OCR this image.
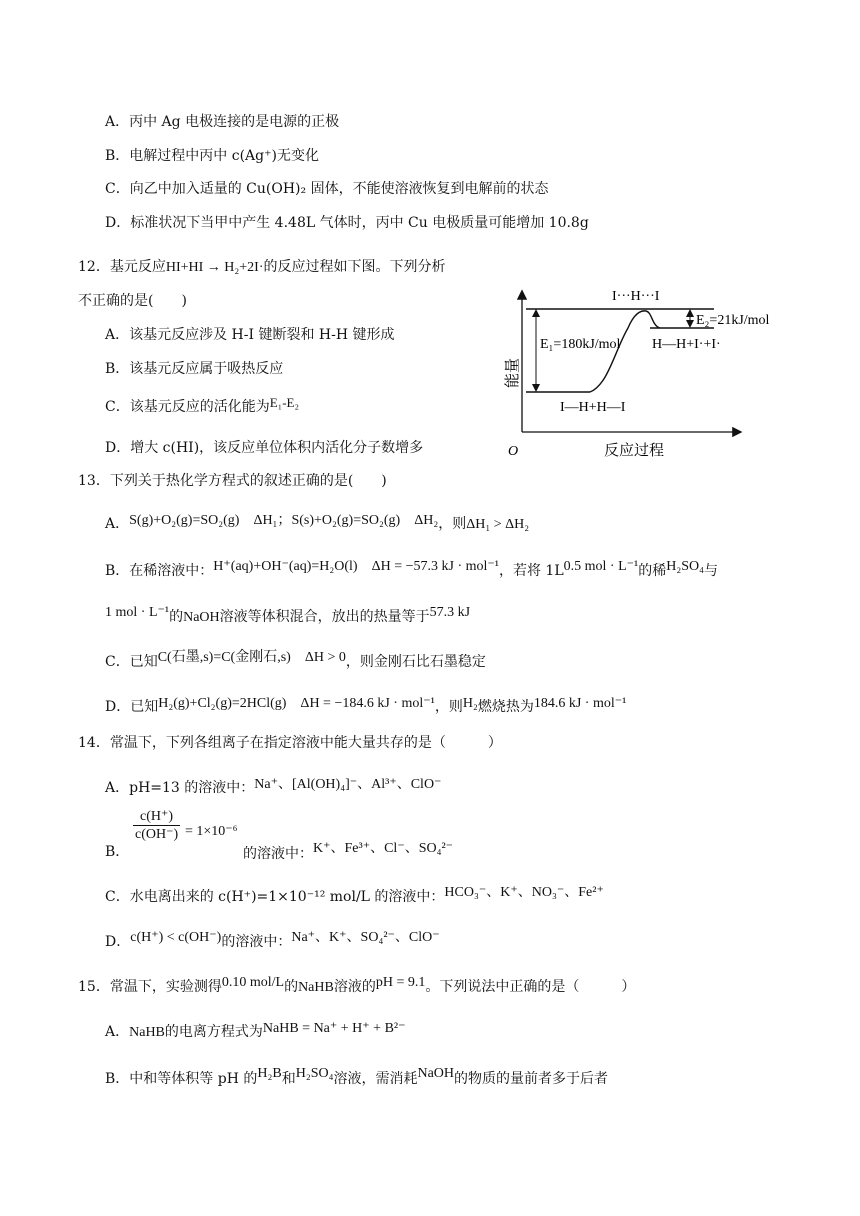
A．丙中 Ag 电极连接的是电源的正极
B．电解过程中丙中 c(Ag⁺)无变化
C．向乙中加入适量的 Cu(OH)₂ 固体，不能使溶液恢复到电解前的状态
D．标准状况下当甲中产生 4.48L 气体时，丙中 Cu 电极质量可能增加 10.8g
12．基元反应HI+HI → H₂+2I·的反应过程如下图。下列分析
不正确的是(　　)
A．该基元反应涉及 H-I 键断裂和 H-H 键形成
B．该基元反应属于吸热反应
C．该基元反应的活化能为E₁-E₂
D．增大 c(HI)，该反应单位体积内活化分子数增多
I···H···I
E₂=21kJ/mol
E₁=180kJ/mol H—H+I·+I·
I—H+H—I
反应过程
O
能量
13．下列关于热化学方程式的叙述正确的是(　　)
A．S(g)+O₂(g)=SO₂(g)　ΔH₁；S(s)+O₂(g)=SO₂(g)　ΔH₂，则ΔH₁ > ΔH₂
B．在稀溶液中：H⁺(aq)+OH⁻(aq)=H₂O(l)　ΔH = −57.3 kJ · mol⁻¹，若将 1L0.5 mol · L⁻¹的稀H₂SO₄与
1 mol · L⁻¹的NaOH溶液等体积混合，放出的热量等于57.3 kJ
C．已知C(石墨,s)=C(金刚石,s)　ΔH > 0，则金刚石比石墨稳定
D．已知H₂(g)+Cl₂(g)=2HCl(g)　ΔH = −184.6 kJ · mol⁻¹，则H₂燃烧热为184.6 kJ · mol⁻¹
14．常温下，下列各组离子在指定溶液中能大量共存的是（　　　）
A．pH=13 的溶液中：Na⁺、[Al(OH)₄]⁻、Al³⁺、ClO⁻
B．
$\frac{c(H^+)}{c(OH^-)} = 1\times 10^{-6}$
的溶液中：K⁺、Fe³⁺、Cl⁻、SO₄²⁻
C．水电离出来的 c(H⁺)=1×10⁻¹² mol/L 的溶液中：HCO₃⁻、K⁺、NO₃⁻、Fe²⁺
D．c(H⁺) < c(OH⁻)的溶液中：Na⁺、K⁺、SO₄²⁻、ClO⁻
15．常温下，实验测得0.10 mol/L的NaHB溶液的pH = 9.1。下列说法中正确的是（　　　）
A．NaHB的电离方程式为NaHB = Na⁺ + H⁺ + B²⁻
B．中和等体积等 pH 的H₂B和H₂SO₄溶液，需消耗NaOH的物质的量前者多于后者
